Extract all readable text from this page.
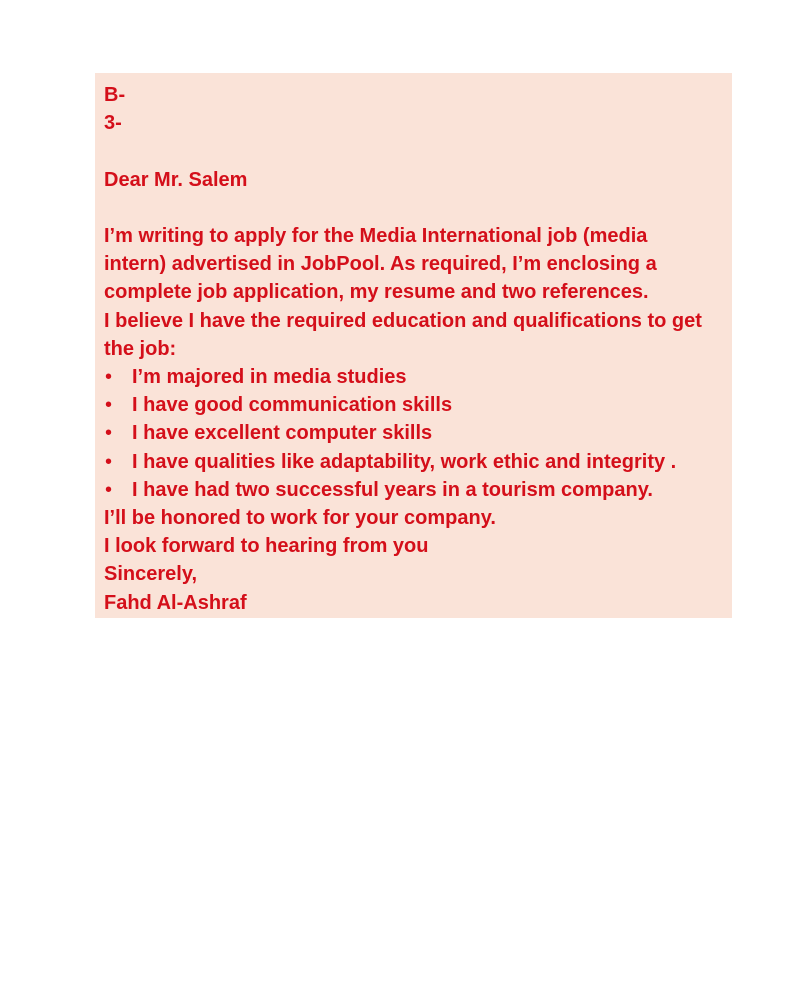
B-
3-
Dear Mr. Salem
I’m writing to apply for the Media International job (media
intern) advertised in JobPool. As required, I’m enclosing a
complete job application, my resume and two references.
I believe I have the required education and qualifications to get
the job:
• I’m majored in media studies
• I have good communication skills
• I have excellent computer skills
• I have qualities like adaptability, work ethic and integrity .
• I have had two successful years in a tourism company.
I’ll be honored to work for your company.
I look forward to hearing from you
Sincerely,
Fahd Al-Ashraf
